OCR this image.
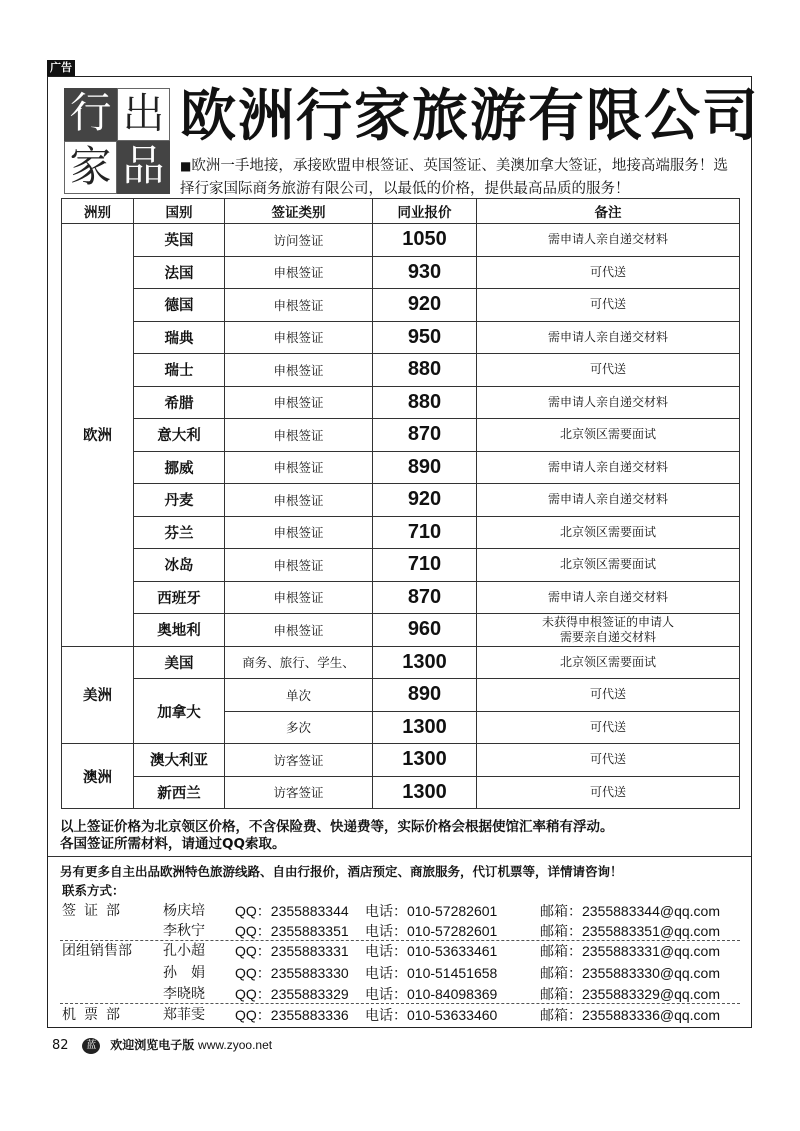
广告
行 出
家 品
欧洲行家旅游有限公司
■欧洲一手地接，承接欧盟申根签证、英国签证、美澳加拿大签证，地接高端服务！选择行家国际商务旅游有限公司，以最低的价格，提供最高品质的服务！
洲别	国别	签证类别	同业报价	备注
欧洲	英国	访问签证	1050	需申请人亲自递交材料
	法国	申根签证	930	可代送
	德国	申根签证	920	可代送
	瑞典	申根签证	950	需申请人亲自递交材料
	瑞士	申根签证	880	可代送
	希腊	申根签证	880	需申请人亲自递交材料
	意大利	申根签证	870	北京领区需要面试
	挪威	申根签证	890	需申请人亲自递交材料
	丹麦	申根签证	920	需申请人亲自递交材料
	芬兰	申根签证	710	北京领区需要面试
	冰岛	申根签证	710	北京领区需要面试
	西班牙	申根签证	870	需申请人亲自递交材料
	奥地利	申根签证	960	未获得申根签证的申请人
需要亲自递交材料

美洲	美国	商务、旅行、学生、	1300	北京领区需要面试
	加拿大	单次	890	可代送
		多次	1300	可代送
澳洲	澳大利亚	访客签证	1300	可代送
	新西兰	访客签证	1300	可代送
以上签证价格为北京领区价格，不含保险费、快递费等，实际价格会根据使馆汇率稍有浮动。
各国签证所需材料，请通过QQ索取。
另有更多自主出品欧洲特色旅游线路、自由行报价，酒店预定、商旅服务，代订机票等，详情请咨询！
联系方式：
签证部	杨庆培 QQ：2355883344 电话：010-57282601	邮箱：2355883344@qq.com
李秋宁 QQ：2355883351 电话：010-57282601	邮箱：2355883351@qq.com
团组销售部	孔小超 QQ：2355883331 电话：010-53633461	邮箱：2355883331@qq.com
孙　娟 QQ：2355883330 电话：010-51451658	邮箱：2355883330@qq.com
李晓晓 QQ：2355883329 电话：010-84098369	邮箱：2355883329@qq.com
机票部	郑菲雯 QQ：2355883336 电话：010-53633460	邮箱：2355883336@qq.com
82 蓝 欢迎浏览电子版 www.zyoo.net
